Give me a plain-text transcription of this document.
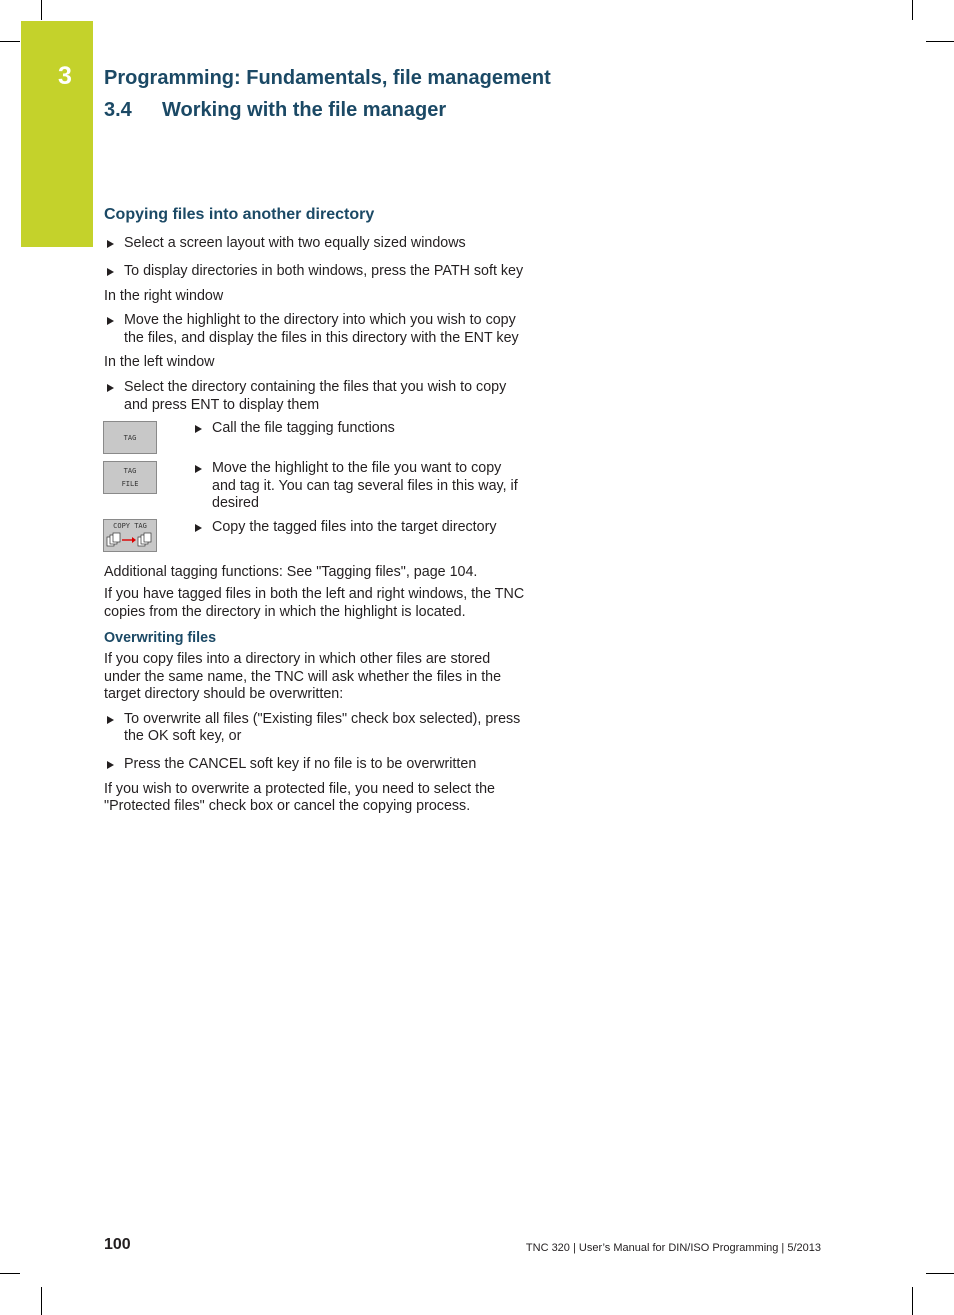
3 Programming: Fundamentals, file management
3.4 Working with the file manager
Copying files into another directory
Select a screen layout with two equally sized windows
To display directories in both windows, press the PATH soft key
In the right window
Move the highlight to the directory into which you wish to copy
the files, and display the files in this directory with the ENT key
In the left window
Select the directory containing the files that you wish to copy
and press ENT to display them
TAG
Call the file tagging functions
TAG
FILE
Move the highlight to the file you want to copy
and tag it. You can tag several files in this way, if
desired
COPY TAG	Copy the tagged files into the target directory
Additional tagging functions: See "Tagging files", page 104.
If you have tagged files in both the left and right windows, the TNC
copies from the directory in which the highlight is located.
Overwriting files
If you copy files into a directory in which other files are stored
under the same name, the TNC will ask whether the files in the
target directory should be overwritten:
To overwrite all files ("Existing files" check box selected), press
the OK soft key, or
Press the CANCEL soft key if no file is to be overwritten
If you wish to overwrite a protected file, you need to select the
"Protected files" check box or cancel the copying process.
100	TNC 320 | User’s Manual for DIN/ISO Programming | 5/2013
